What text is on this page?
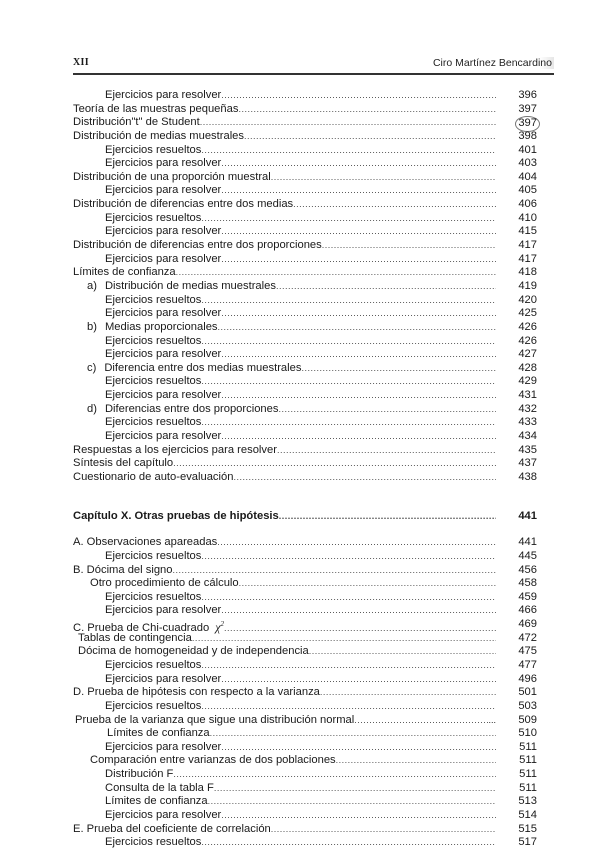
XII	Ciro Martínez Bencardino
Ejercicios para resolver .....	396
Teoría de las muestras pequeñas .....	397
Distribución"t" de Student .....	397
Distribución de medias muestrales .....	398
Ejercicios resueltos .....	401
Ejercicios para resolver .....	403
Distribución de una proporción muestral .....	404
Ejercicios para resolver .....	405
Distribución de diferencias entre dos medias .....	406
Ejercicios resueltos .....	410
Ejercicios para resolver .....	415
Distribución de diferencias entre dos proporciones .....	417
Ejercicios para resolver .....	417
Límites de confianza .....	418
a) Distribución de medias muestrales .....	419
Ejercicios resueltos .....	420
Ejercicios para resolver .....	425
b) Medias proporcionales .....	426
Ejercicios resueltos .....	426
Ejercicios para resolver .....	427
c) Diferencia entre dos medias muestrales .....	428
Ejercicios resueltos .....	429
Ejercicios para resolver .....	431
d) Diferencias entre dos proporciones .....	432
Ejercicios resueltos .....	433
Ejercicios para resolver .....	434
Respuestas a los ejercicios para resolver .....	435
Síntesis del capítulo .....	437
Cuestionario de auto-evaluación .....	438
Capítulo X. Otras pruebas de hipótesis .....	441
A. Observaciones apareadas .....	441
Ejercicios resueltos .....	445
B. Dócima del signo .....	456
Otro procedimiento de cálculo .....	458
Ejercicios resueltos .....	459
Ejercicios para resolver .....	466
C. Prueba de Chi-cuadrado $\chi^2$ .....	469
Tablas de contingencia .....	472
Dócima de homogeneidad y de independencia .....	475
Ejercicios resueltos .....	477
Ejercicios para resolver .....	496
D. Prueba de hipótesis con respecto a la varianza .....	501
Ejercicios resueltos .....	503
Prueba de la varianza que sigue una distribución normal .....	... 509
Límites de confianza .....	510
Ejercicios para resolver .....	511
Comparación entre varianzas de dos poblaciones .....	511
Distribución F .....	511
Consulta de la tabla F .....	511
Límites de confianza .....	513
Ejercicios para resolver .....	514
E. Prueba del coeficiente de correlación .....	515
Ejercicios resueltos .....	517
